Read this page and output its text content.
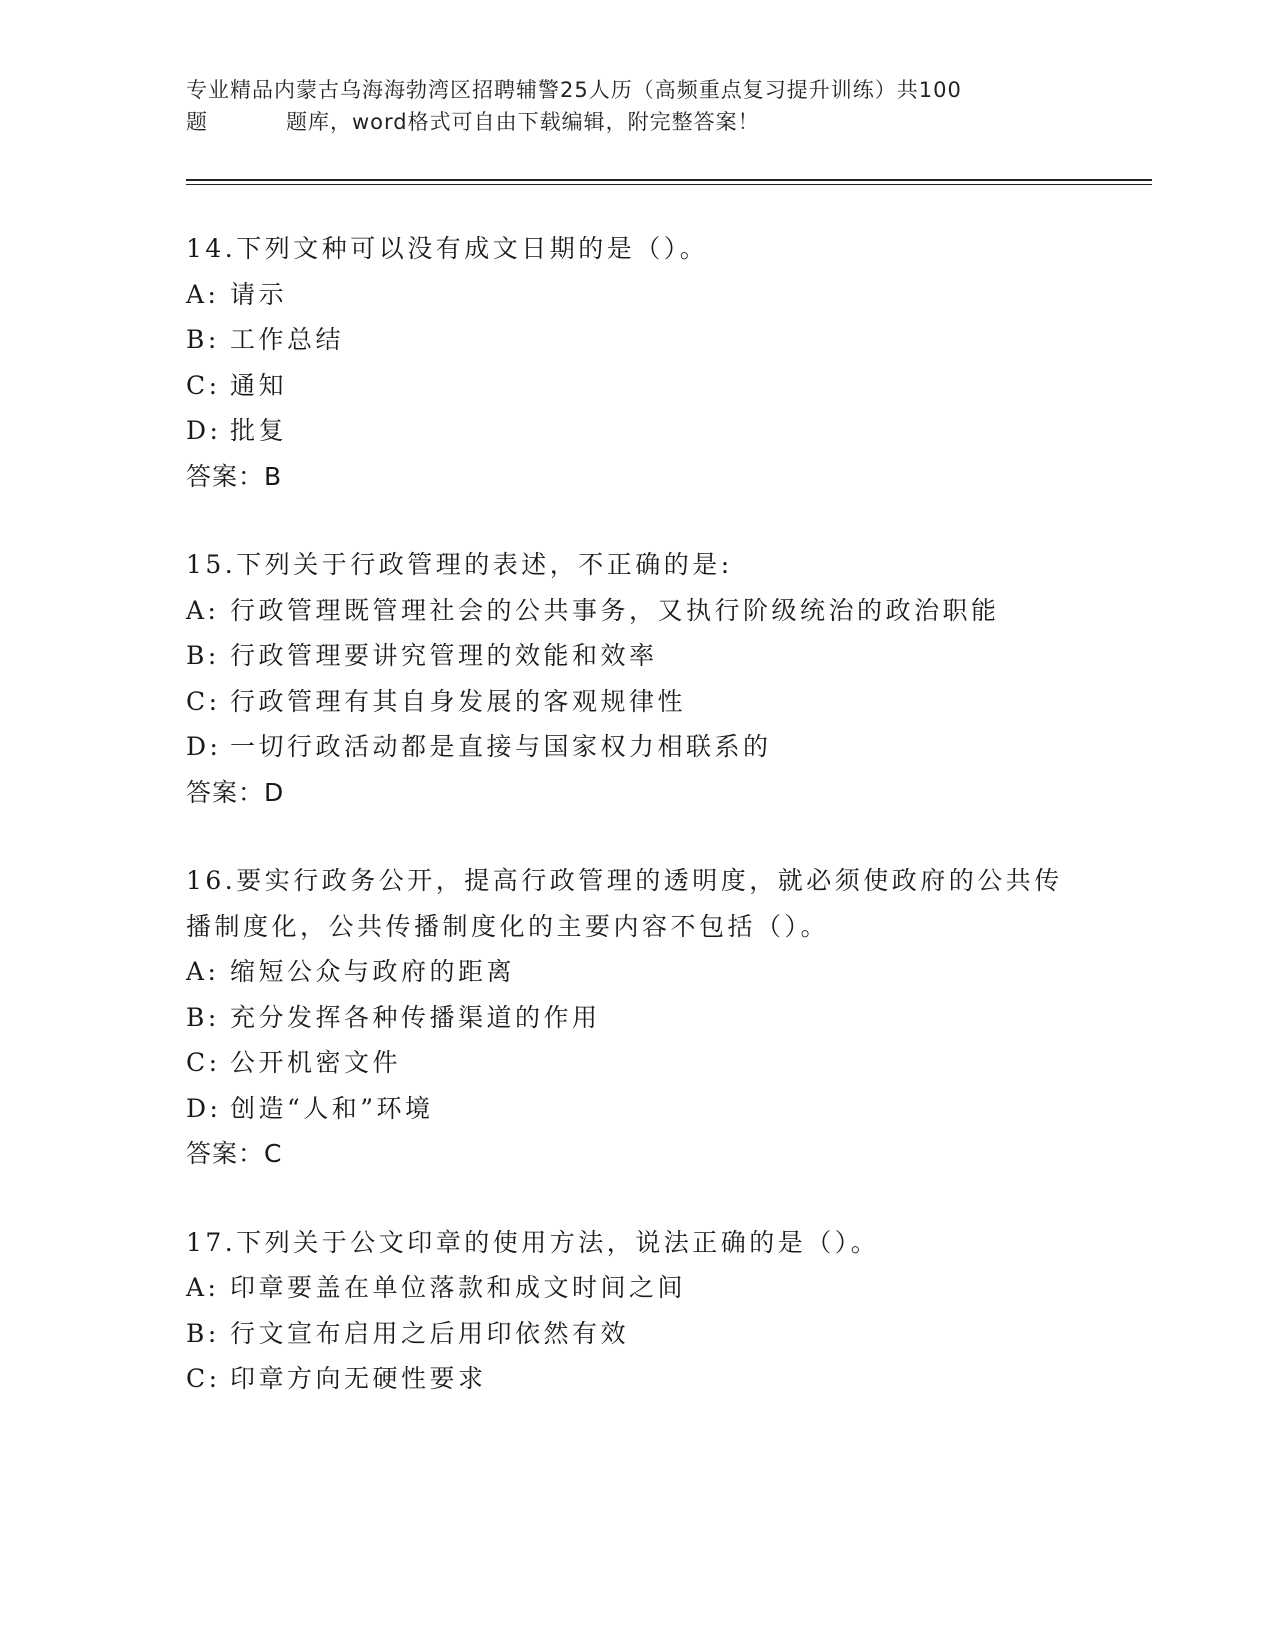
专业精品内蒙古乌海海勃湾区招聘辅警25人历（高频重点复习提升训练）共100
题	题库，word格式可自由下载编辑，附完整答案！
14.下列文种可以没有成文日期的是（）。
A: 请示
B: 工作总结
C: 通知
D: 批复
答案：B
15.下列关于行政管理的表述，不正确的是:
A: 行政管理既管理社会的公共事务，又执行阶级统治的政治职能
B: 行政管理要讲究管理的效能和效率
C: 行政管理有其自身发展的客观规律性
D: 一切行政活动都是直接与国家权力相联系的
答案：D
16.要实行政务公开，提高行政管理的透明度，就必须使政府的公共传
播制度化，公共传播制度化的主要内容不包括（）。
A: 缩短公众与政府的距离
B: 充分发挥各种传播渠道的作用
C: 公开机密文件
D: 创造“人和”环境
答案：C
17.下列关于公文印章的使用方法，说法正确的是（）。
A: 印章要盖在单位落款和成文时间之间
B: 行文宣布启用之后用印依然有效
C: 印章方向无硬性要求
